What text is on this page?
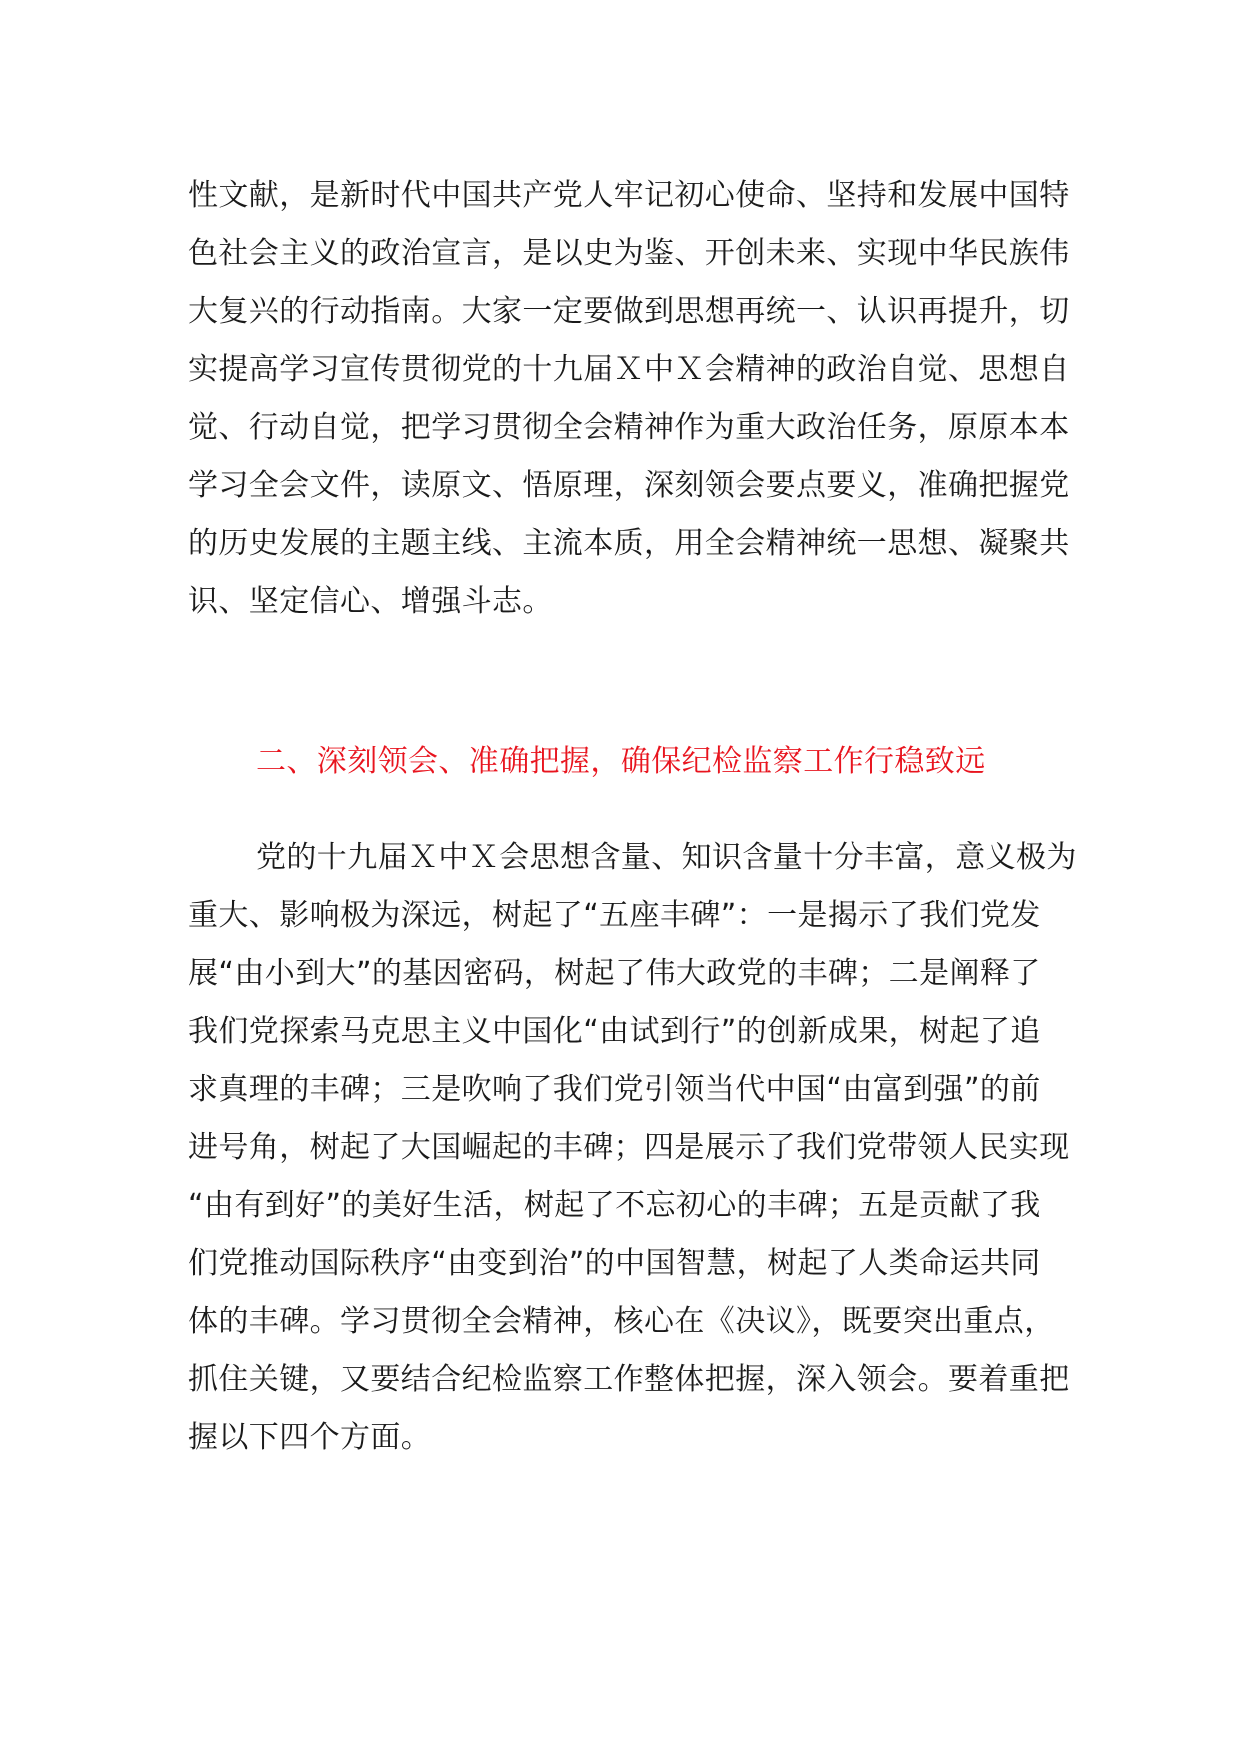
性文献，是新时代中国共产党人牢记初心使命、坚持和发展中国特
色社会主义的政治宣言，是以史为鉴、开创未来、实现中华民族伟
大复兴的行动指南。大家一定要做到思想再统一、认识再提升，切
实提高学习宣传贯彻党的十九届Ｘ中Ｘ会精神的政治自觉、思想自
觉、行动自觉，把学习贯彻全会精神作为重大政治任务，原原本本
学习全会文件，读原文、悟原理，深刻领会要点要义，准确把握党
的历史发展的主题主线、主流本质，用全会精神统一思想、凝聚共
识、坚定信心、增强斗志。
二、深刻领会、准确把握，确保纪检监察工作行稳致远
党的十九届Ｘ中Ｘ会思想含量、知识含量十分丰富，意义极为
重大、影响极为深远，树起了“五座丰碑”：一是揭示了我们党发
展“由小到大”的基因密码，树起了伟大政党的丰碑；二是阐释了
我们党探索马克思主义中国化“由试到行”的创新成果，树起了追
求真理的丰碑；三是吹响了我们党引领当代中国“由富到强”的前
进号角，树起了大国崛起的丰碑；四是展示了我们党带领人民实现
“由有到好”的美好生活，树起了不忘初心的丰碑；五是贡献了我
们党推动国际秩序“由变到治”的中国智慧，树起了人类命运共同
体的丰碑。学习贯彻全会精神，核心在《决议》，既要突出重点，
抓住关键，又要结合纪检监察工作整体把握，深入领会。要着重把
握以下四个方面。
